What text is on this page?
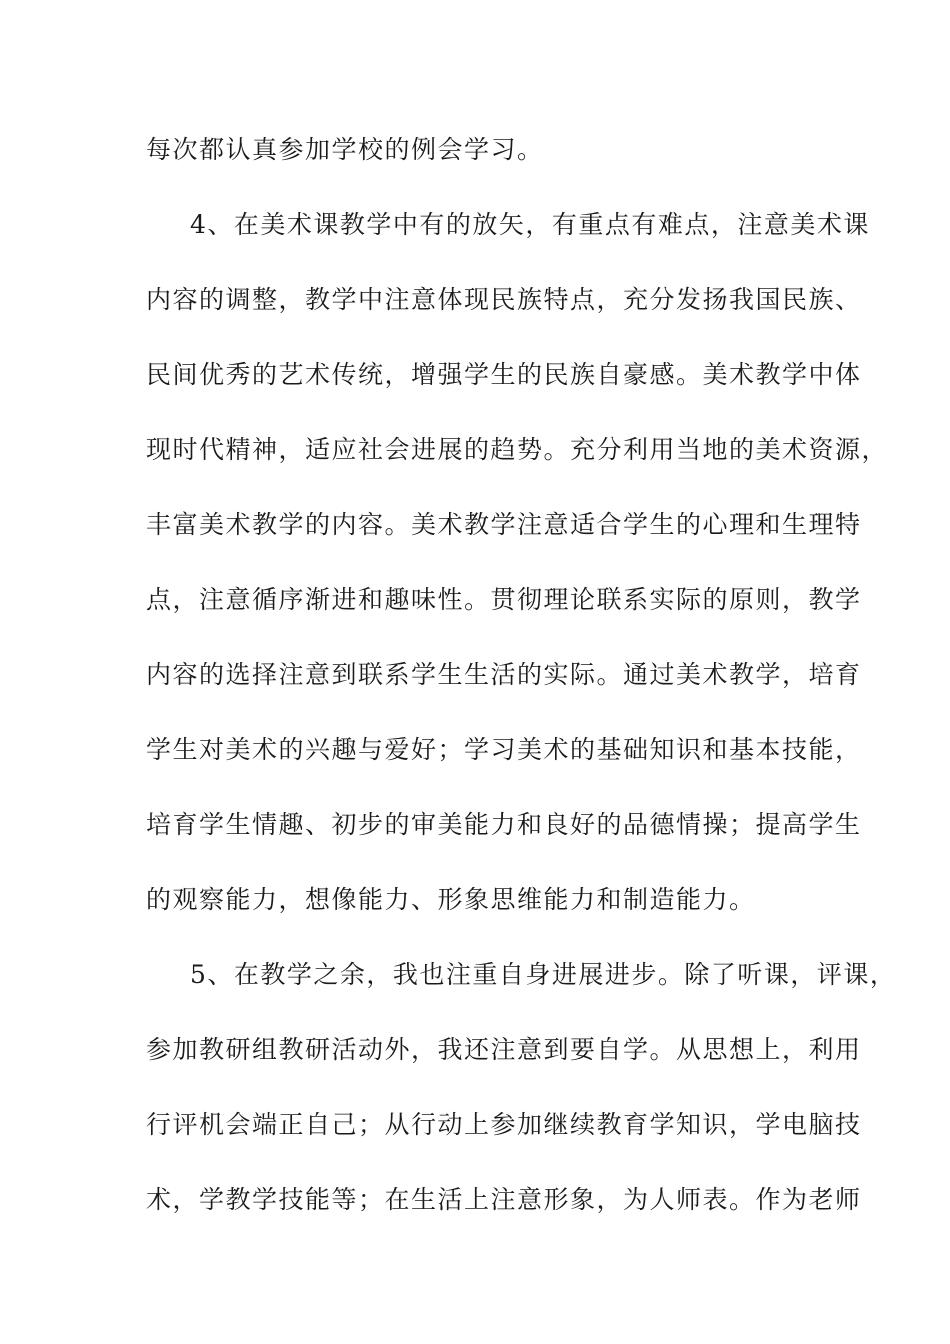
每次都认真参加学校的例会学习。

4、在美术课教学中有的放矢，有重点有难点，注意美术课

内容的调整，教学中注意体现民族特点，充分发扬我国民族、

民间优秀的艺术传统，增强学生的民族自豪感。美术教学中体

现时代精神，适应社会进展的趋势。充分利用当地的美术资源，

丰富美术教学的内容。美术教学注意适合学生的心理和生理特

点，注意循序渐进和趣味性。贯彻理论联系实际的原则，教学

内容的选择注意到联系学生生活的实际。通过美术教学，培育

学生对美术的兴趣与爱好；学习美术的基础知识和基本技能，

培育学生情趣、初步的审美能力和良好的品德情操；提高学生

的观察能力，想像能力、形象思维能力和制造能力。

5、在教学之余，我也注重自身进展进步。除了听课，评课，

参加教研组教研活动外，我还注意到要自学。从思想上，利用

行评机会端正自己；从行动上参加继续教育学知识，学电脑技

术，学教学技能等；在生活上注意形象，为人师表。作为老师
